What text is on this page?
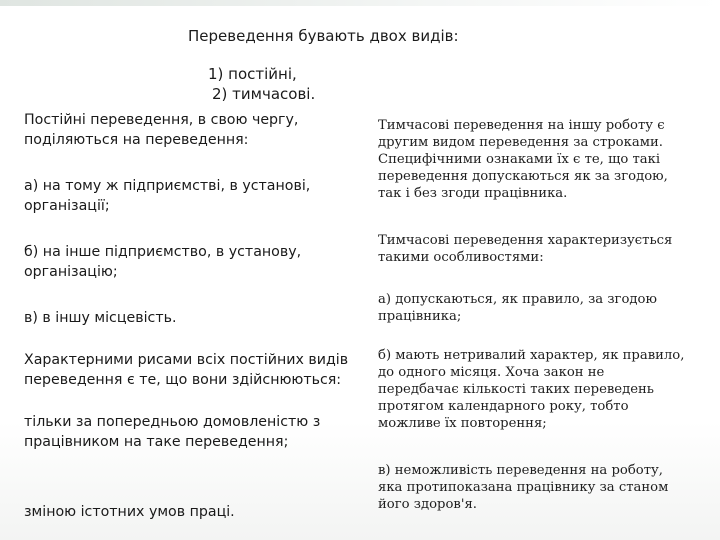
Переведення бувають двох видів:
1) постійні,
2) тимчасові.
Постійні переведення, в свою чергу, поділяються на переведення:
а) на тому ж підприємстві, в установі, організації;
б) на інше підприємство, в установу, організацію;
в) в іншу місцевість.
Характерними рисами всіх постійних видів переведення є те, що вони здійснюються:
тільки за попередньою домовленістю з працівником на таке переведення;
зміною істотних умов праці.
Тимчасові переведення на іншу роботу є другим видом переведення за строками. Специфічними ознаками їх є те, що такі переведення допускаються як за згодою, так і без згоди працівника.
Тимчасові переведення характеризується такими особливостями:
а) допускаються, як правило, за згодою працівника;
б) мають нетривалий характер, як правило, до одного місяця. Хоча закон не передбачає кількості таких переведень протягом календарного року, тобто можливе їх повторення;
в) неможливість переведення на роботу, яка протипоказана працівнику за станом його здоров'я.
